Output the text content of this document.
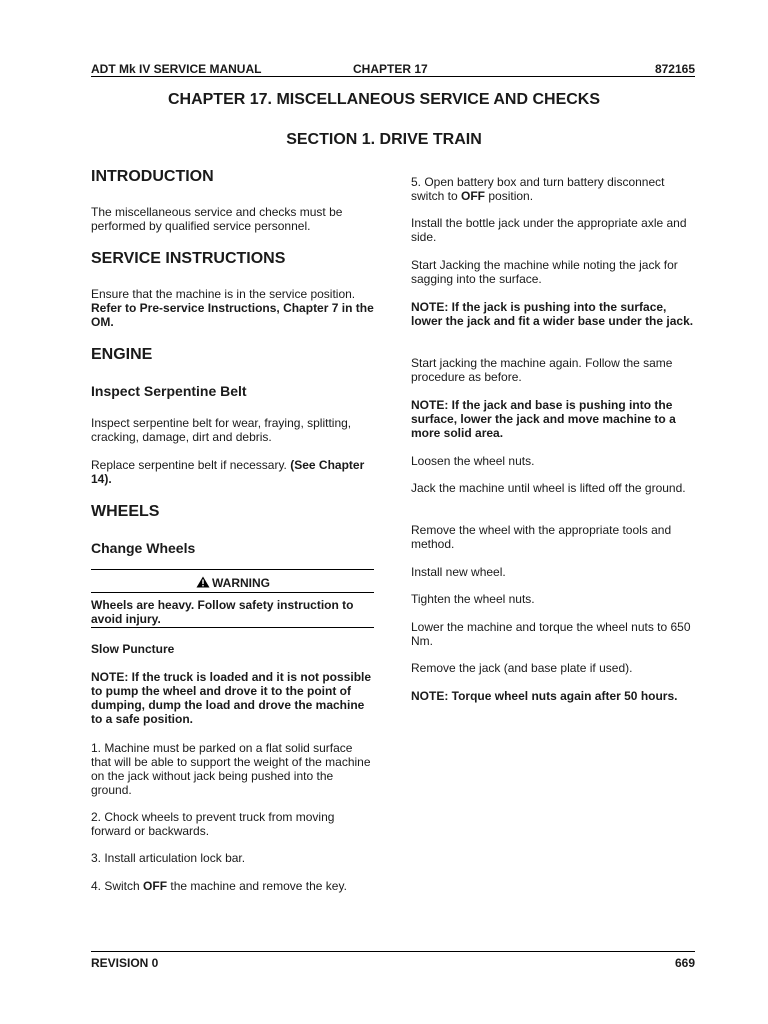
ADT Mk IV SERVICE MANUAL	CHAPTER 17	872165
CHAPTER 17. MISCELLANEOUS SERVICE AND CHECKS
SECTION 1. DRIVE TRAIN
INTRODUCTION

The miscellaneous service and checks must be performed by qualified service personnel.

SERVICE INSTRUCTIONS

Ensure that the machine is in the service position. Refer to Pre-service Instructions, Chapter 7 in the OM.

ENGINE
Inspect Serpentine Belt

Inspect serpentine belt for wear, fraying, splitting, cracking, damage, dirt and debris.

Replace serpentine belt if necessary. (See Chapter 14).

WHEELS
Change Wheels
WARNING

Wheels are heavy. Follow safety instruction to avoid injury.

Slow Puncture

NOTE: If the truck is loaded and it is not possible to pump the wheel and drove it to the point of dumping, dump the load and drove the machine to a safe position.

1. Machine must be parked on a flat solid surface that will be able to support the weight of the machine on the jack without jack being pushed into the ground.

2. Chock wheels to prevent truck from moving forward or backwards.

3. Install articulation lock bar.

4. Switch OFF the machine and remove the key.

5. Open battery box and turn battery disconnect switch to OFF position.

Install the bottle jack under the appropriate axle and side.

Start Jacking the machine while noting the jack for sagging into the surface.

NOTE: If the jack is pushing into the surface, lower the jack and fit a wider base under the jack.

Start jacking the machine again. Follow the same procedure as before.

NOTE: If the jack and base is pushing into the surface, lower the jack and move machine to a more solid area.

Loosen the wheel nuts.

Jack the machine until wheel is lifted off the ground.

Remove the wheel with the appropriate tools and method.

Install new wheel.

Tighten the wheel nuts.

Lower the machine and torque the wheel nuts to 650 Nm.

Remove the jack (and base plate if used).

NOTE: Torque wheel nuts again after 50 hours.

REVISION 0	669
